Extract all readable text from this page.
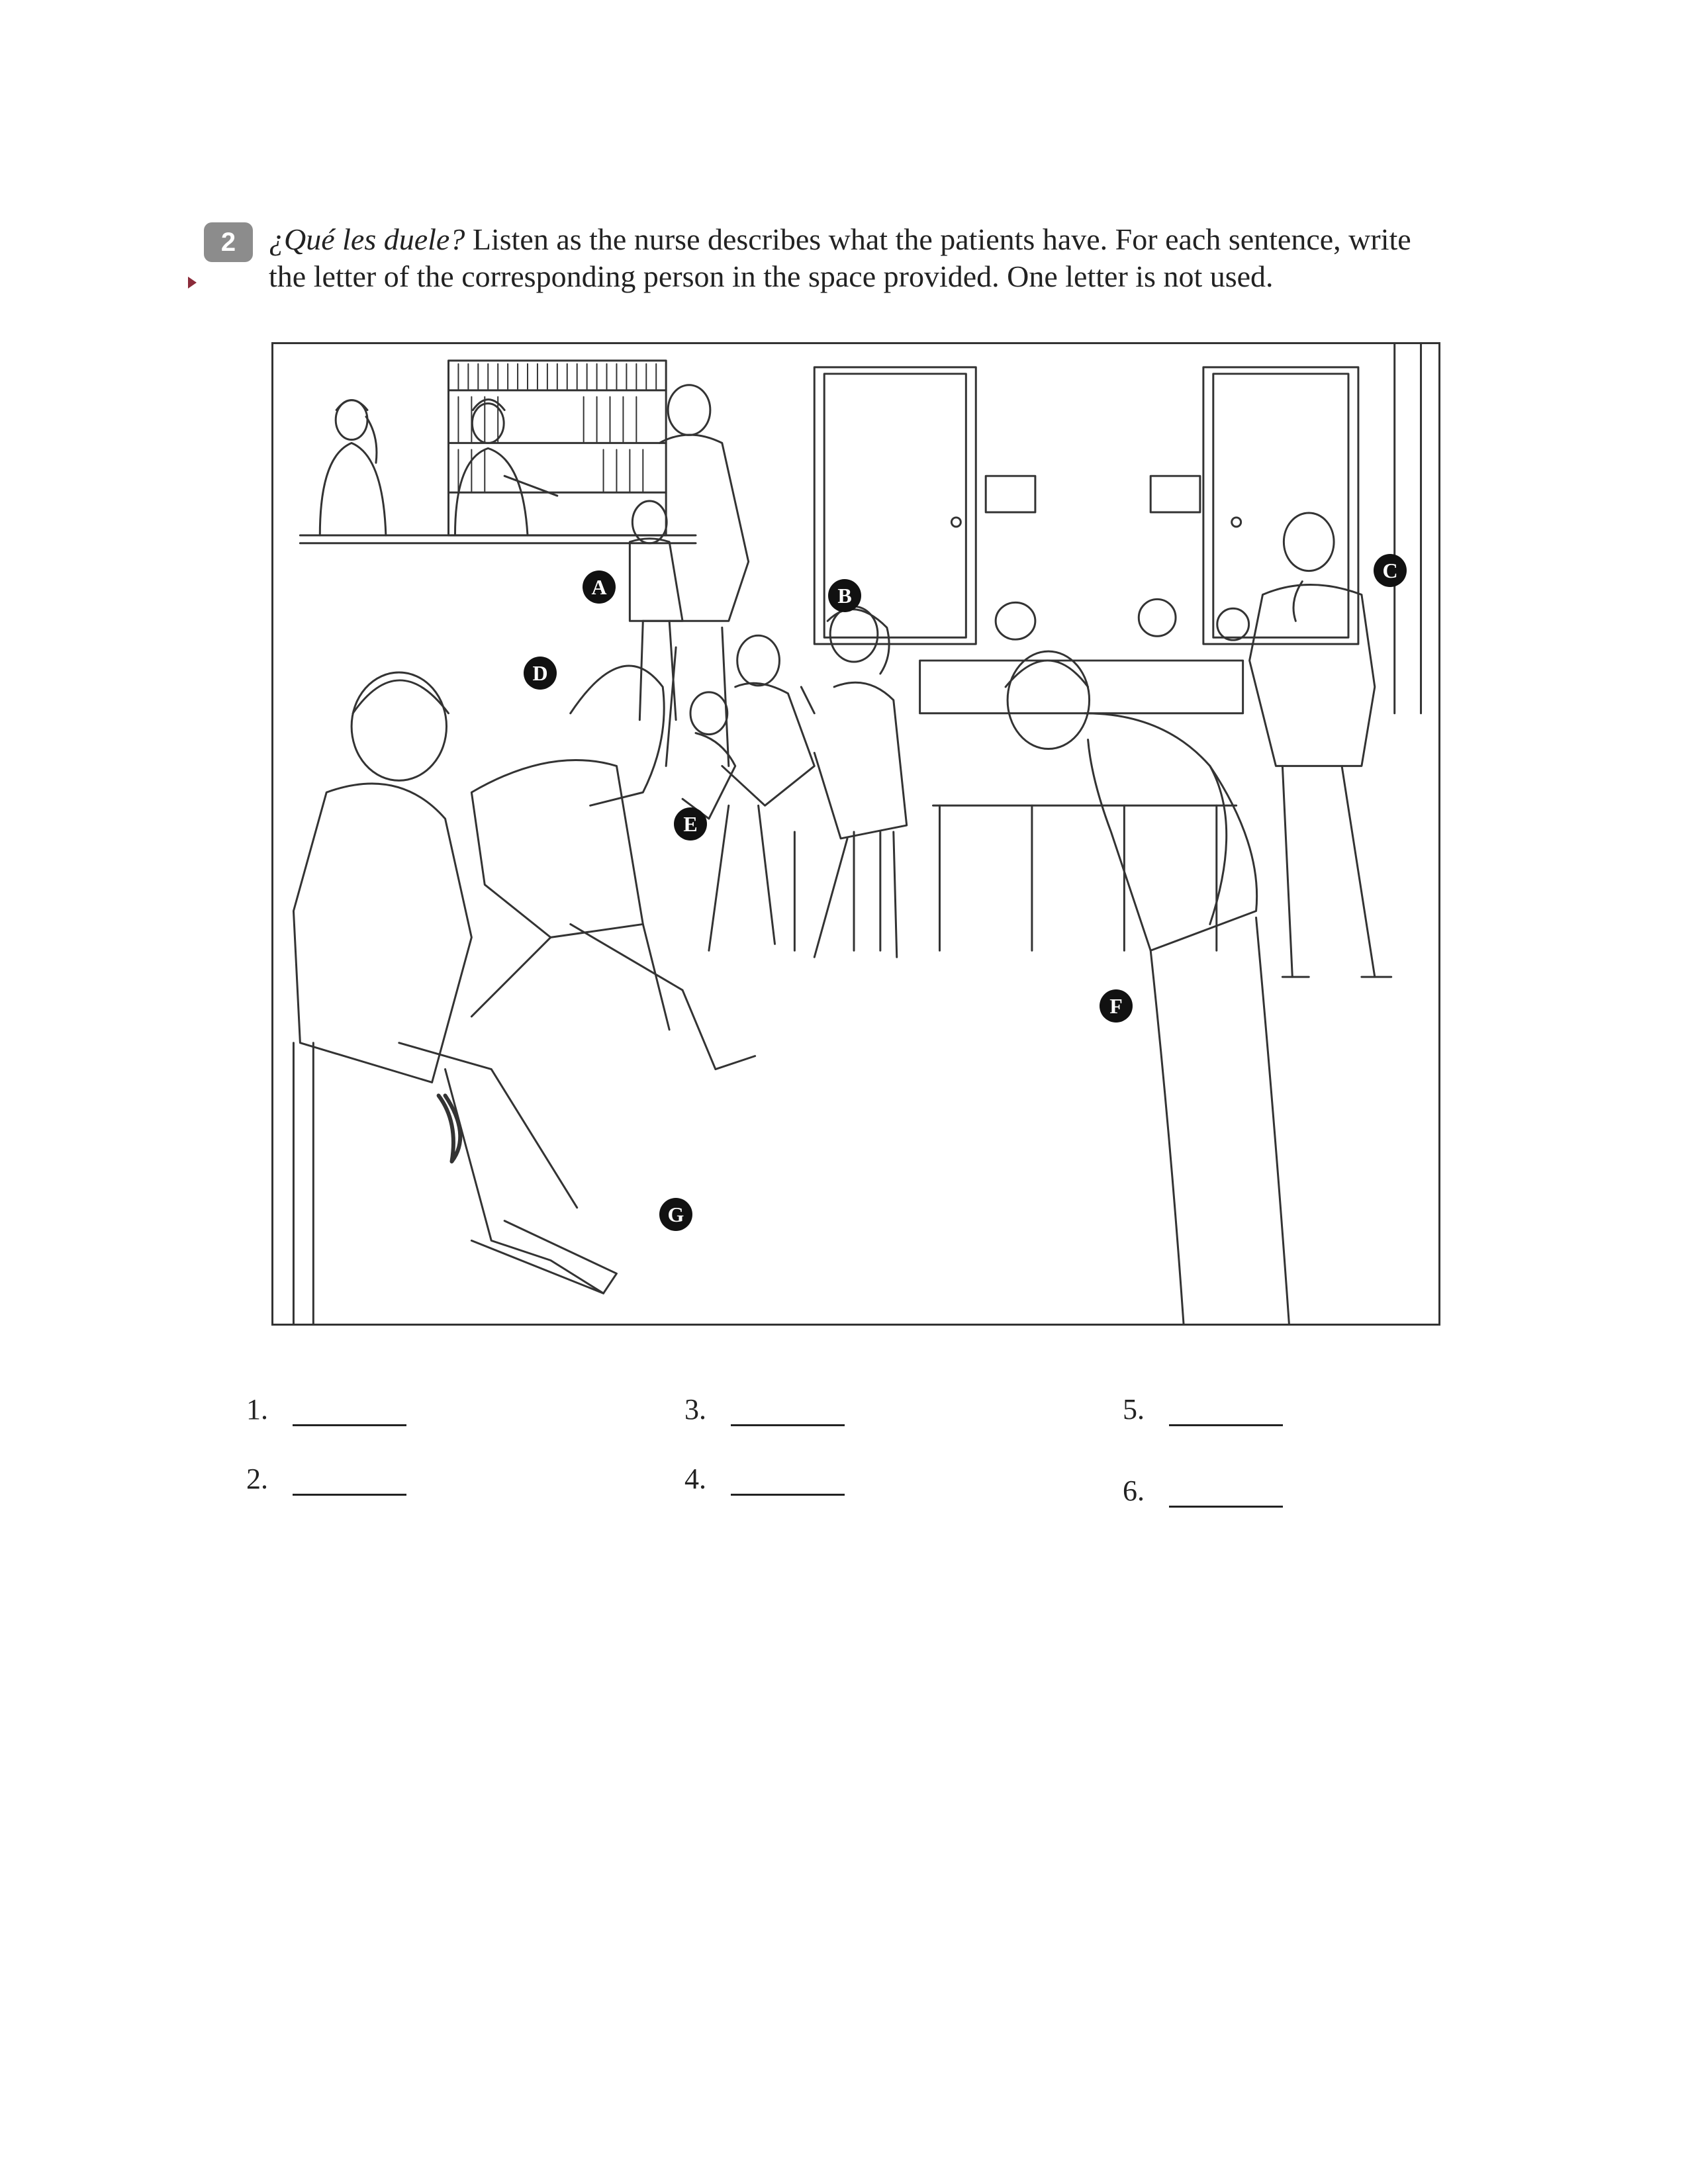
2	¿Qué les duele? Listen as the nurse describes what the patients have. For each sentence, write the letter of the corresponding person in the space provided. One letter is not used.
A	B
C
D
E
F
G
1.
2.
3.
4.
5.
6.
